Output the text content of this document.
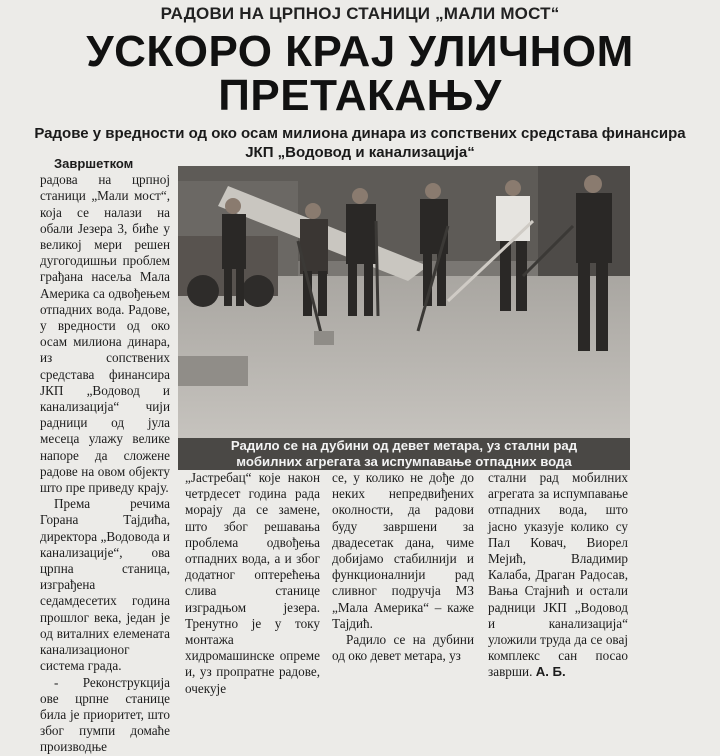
РАДОВИ НА ЦРПНОЈ СТАНИЦИ „МАЛИ МОСТ“
УСКОРО КРАЈ УЛИЧНОМ
ПРЕТАКАЊУ
Радове у вредности од око осам милиона динара из сопствених средстава финансира
ЈКП „Водовод и канализација“

Завршетком радова на црпној станици „Мали мост“, која се налази на обали Језера 3, биће у великој мери решен дугогодишњи проблем грађана насеља Мала Америка са одвођењем отпадних вода. Радове, у вредности од око осам милиона динара, из сопствених средстава финансира ЈКП „Водовод и канализација“ чији радници од јула месеца улажу велике напоре да сложене радове на овом објекту што пре приведу крају.

Према речима Горана Тајдића, директора „Водовода и канализације“, ова црпна станица, изграђена седамдесетих година прошлог века, један је од виталних елемената канализационог система града.

- Реконструкција ове црпне станице била је приоритет, што због пумпи домаће производње

Радило се на дубини од девет метара, уз стални рад
мобилних агрегата за испумпавање отпадних вода

„Јастребац“ које након четрдесет година рада морају да се замене, што због решавања проблема одвођења отпадних вода, а и због додатног оптерећења слива станице изградњом језера. Тренутно је у току монтажа хидромашинске опреме и, уз пропратне радове, очекује

се, у колико не дође до неких непредвиђених околности, да радови буду завршени за двадесетак дана, чиме добијамо стабилнији и функционалнији рад сливног подручја МЗ „Мала Америка“ – каже Тајдић.

Радило се на дубини од око девет метара, уз

стални рад мобилних агрегата за испумпавање отпадних вода, што јасно указује колико су Пал Ковач, Виорел Мејић, Владимир Калаба, Драган Радосав, Вања Стајнић и остали радници ЈКП „Водовод и канализација“ уложили труда да се овај комплекс сан посао заврши. А. Б.
